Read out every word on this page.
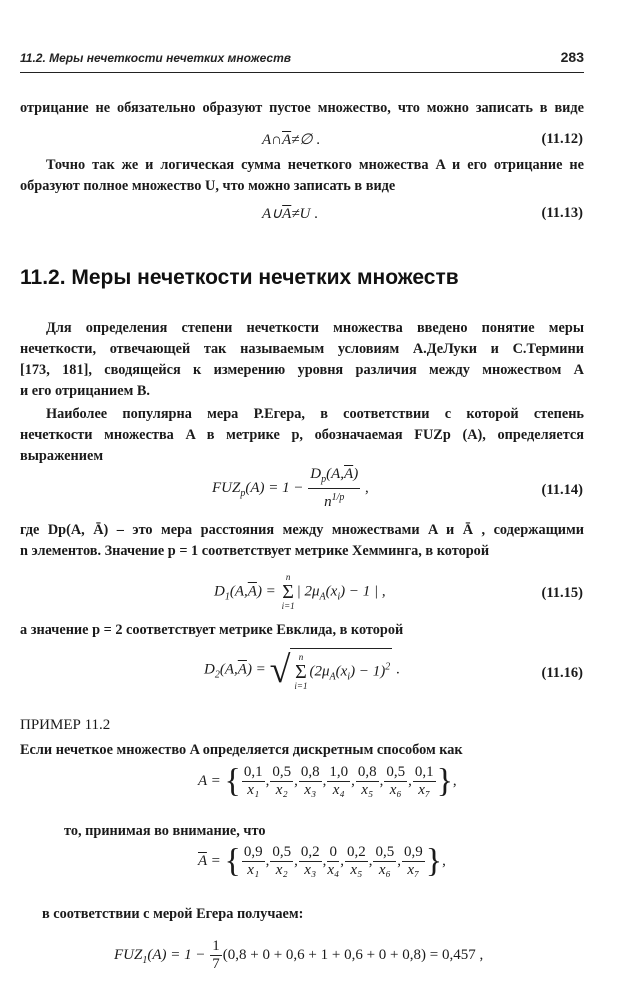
11.2. Меры нечеткости нечетких множеств	283
отрицание не обязательно образуют пустое множество, что можно записать в виде
$A\cap\overline{A}\ne\emptyset$ .	(11.12)
Точно так же и логическая сумма нечеткого множества A и его отрицание не
образуют полное множество U, что можно записать в виде
$A\cup\overline{A}\ne U$ .	(11.13)
11.2. Меры нечеткости нечетких множеств
Для определения степени нечеткости множества введено понятие меры
нечеткости, отвечающей так называемым условиям А.ДеЛуки и С.Термини
[173, 181], сводящейся к измерению уровня различия между множеством A
и его отрицанием B.
Наиболее популярна мера Р.Егера, в соответствии с которой степень
нечеткости множества A в метрике p, обозначаемая FUZp (A), определяется
выражением
$FUZ_p(A) = 1 - \frac{D_p(A,\overline{A})}{n^{1/p}}$ ,	(11.14)
где Dp(A, Ā) – это мера расстояния между множествами A и Ā , содержащими
n элементов. Значение p = 1 соответствует метрике Хемминга, в которой
$D_1(A,\overline{A})$ =
n
Σ
i=1
| $2\mu_A(x_i) - 1$ | ,	(11.15)
а значение p = 2 соответствует метрике Евклида, в которой
$D_2(A,\overline{A})$ = √ n
Σ
i=1
$(2\mu_A(x_i) - 1)^2$ .	(11.16)
ПРИМЕР 11.2
Если нечеткое множество A определяется дискретным способом как
A = { $\frac{0,1}{\text{x₁}}$ , $\frac{0,5}{\text{x₂}}$ , $\frac{0,8}{\text{x₃}}$ , $\frac{1,0}{\text{x₄}}$ , $\frac{0,8}{\text{x₅}}$ , $\frac{0,5}{\text{x₆}}$ , $\frac{0,1}{\text{x₇}}$ },
то, принимая во внимание, что
$\overline{A}$ = { $\frac{0,9}{\text{x₁}}$ , $\frac{0,5}{\text{x₂}}$ , $\frac{0,2}{\text{x₃}}$ , $\frac{0}{\text{x₄}}$ , $\frac{0,2}{\text{x₅}}$ , $\frac{0,5}{\text{x₆}}$ , $\frac{0,9}{\text{x₇}}$ },
в соответствии с мерой Егера получаем:
$FUZ_1(A) = 1 - \frac{1}{7} (0,8 + 0 + 0,6 + 1 + 0,6 + 0 + 0,8) = 0,457$ ,
